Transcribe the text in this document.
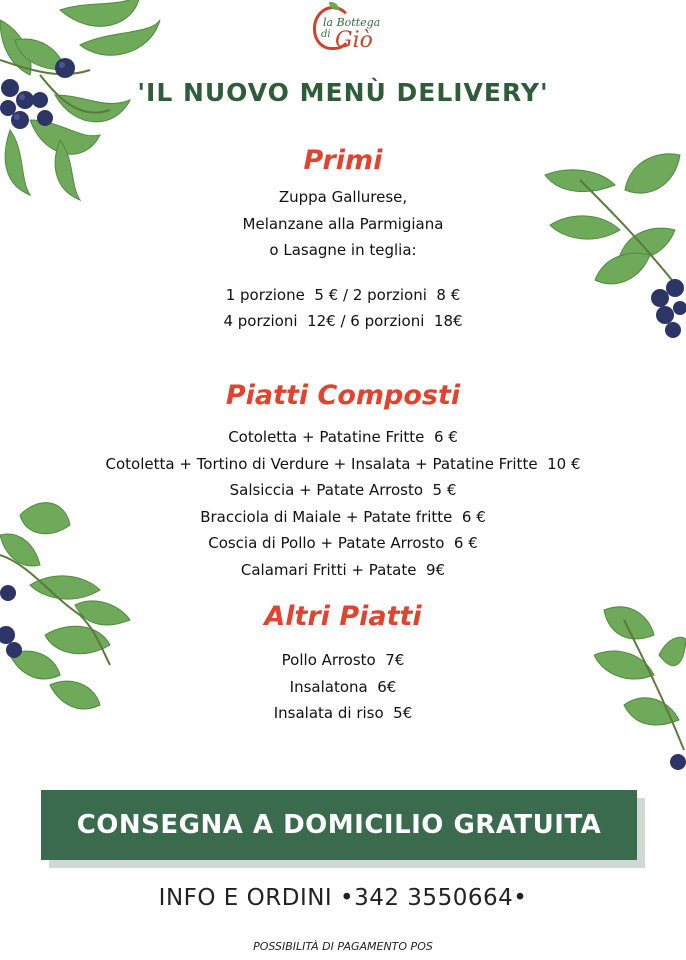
la Bottega
di Giò
'IL NUOVO MENÙ DELIVERY'
Primi
Zuppa Gallurese,
Melanzane alla Parmigiana
o Lasagne in teglia:
1 porzione  5 € / 2 porzioni  8 €
4 porzioni  12€ / 6 porzioni  18€
Piatti Composti
Cotoletta + Patatine Fritte  6 €
Cotoletta + Tortino di Verdure + Insalata + Patatine Fritte  10 €
Salsiccia + Patate Arrosto  5 €
Bracciola di Maiale + Patate fritte  6 €
Coscia di Pollo + Patate Arrosto  6 €
Calamari Fritti + Patate  9€
Altri Piatti
Pollo Arrosto  7€
Insalatona  6€
Insalata di riso  5€
CONSEGNA A DOMICILIO GRATUITA
INFO E ORDINI •342 3550664•
POSSIBILITÀ DI PAGAMENTO POS
